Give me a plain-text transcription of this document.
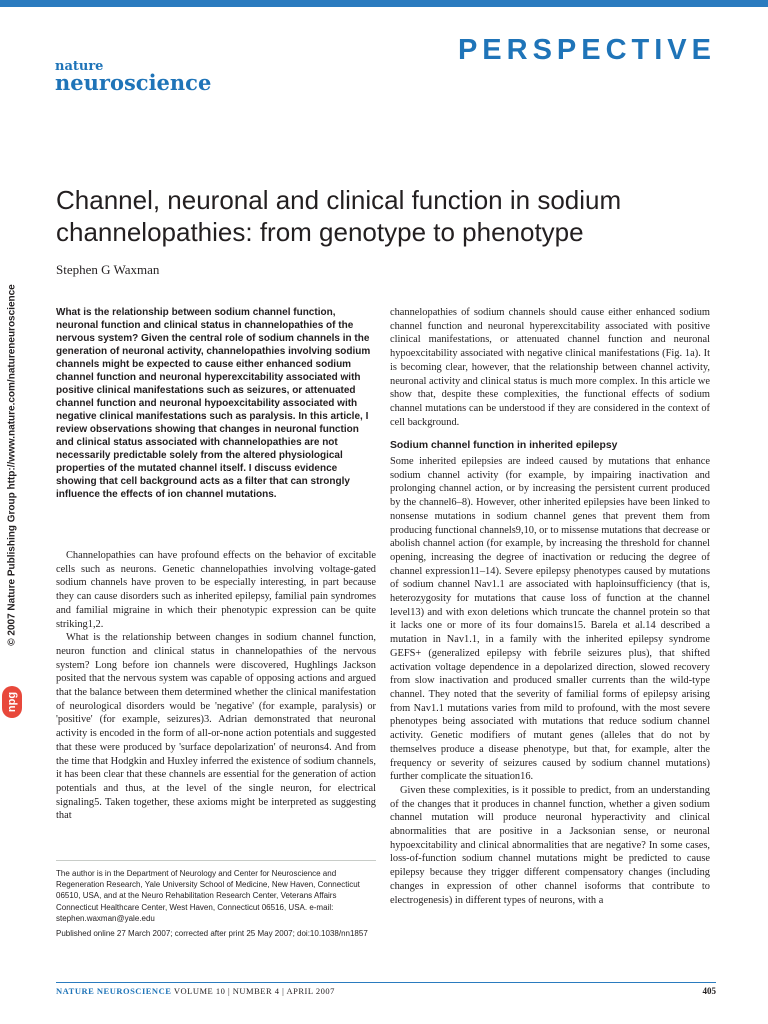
PERSPECTIVE
nature
neuroscience
Channel, neuronal and clinical function in sodium channelopathies: from genotype to phenotype

Stephen G Waxman

© 2007 Nature Publishing Group http://www.nature.com/natureneuroscience
npg

What is the relationship between sodium channel function, neuronal function and clinical status in channelopathies of the nervous system? Given the central role of sodium channels in the generation of neuronal activity, channelopathies involving sodium channels might be expected to cause either enhanced sodium channel function and neuronal hyperexcitability associated with positive clinical manifestations such as seizures, or attenuated channel function and neuronal hypoexcitability associated with negative clinical manifestations such as paralysis. In this article, I review observations showing that changes in neuronal function and clinical status associated with channelopathies are not necessarily predictable solely from the altered physiological properties of the mutated channel itself. I discuss evidence showing that cell background acts as a filter that can strongly influence the effects of ion channel mutations.

Channelopathies can have profound effects on the behavior of excitable cells such as neurons. Genetic channelopathies involving voltage-gated sodium channels have proven to be especially interesting, in part because they can cause disorders such as inherited epilepsy, familial pain syndromes and familial migraine in which their phenotypic expression can be quite striking1,2.

What is the relationship between changes in sodium channel function, neuron function and clinical status in channelopathies of the nervous system? Long before ion channels were discovered, Hughlings Jackson posited that the nervous system was capable of opposing actions and argued that the balance between them determined whether the clinical manifestation of neurological disorders would be 'negative' (for example, paralysis) or 'positive' (for example, seizures)3. Adrian demonstrated that neuronal activity is encoded in the form of all-or-none action potentials and suggested that these were produced by 'surface depolarization' of neurons4. And from the time that Hodgkin and Huxley inferred the existence of sodium channels, it has been clear that these channels are essential for the generation of action potentials and thus, at the level of the single neuron, for electrical signaling5. Taken together, these axioms might be interpreted as suggesting that

channelopathies of sodium channels should cause either enhanced sodium channel function and neuronal hyperexcitability associated with positive clinical manifestations, or attenuated channel function and neuronal hypoexcitability associated with negative clinical manifestations (Fig. 1a). It is becoming clear, however, that the relationship between channel activity, neuronal activity and clinical status is much more complex. In this article we show that, despite these complexities, the functional effects of sodium channel mutations can be understood if they are considered in the context of cell background.

Sodium channel function in inherited epilepsy

Some inherited epilepsies are indeed caused by mutations that enhance sodium channel activity (for example, by impairing inactivation and prolonging channel action, or by increasing the persistent current produced by the channel6–8). However, other inherited epilepsies have been linked to nonsense mutations in sodium channel genes that prevent them from producing functional channels9,10, or to missense mutations that decrease or abolish channel action (for example, by increasing the threshold for channel opening, increasing the degree of inactivation or reducing the degree of channel expression11–14). Severe epilepsy phenotypes caused by mutations of sodium channel Nav1.1 are associated with haploinsufficiency (that is, heterozygosity for mutations that cause loss of function at the channel level13) and with exon deletions which truncate the channel protein so that it lacks one or more of its four domains15. Barela et al.14 described a mutation in Nav1.1, in a family with the inherited epilepsy syndrome GEFS+ (generalized epilepsy with febrile seizures plus), that shifted activation voltage dependence in a depolarized direction, slowed recovery from slow inactivation and produced smaller currents than the wild-type channel. They noted that the severity of familial forms of epilepsy arising from Nav1.1 mutations varies from mild to profound, with the most severe phenotypes being associated with mutations that reduce sodium channel activity. Genetic modifiers of mutant genes (alleles that do not by themselves produce a disease phenotype, but that, for example, alter the frequency or severity of seizures caused by sodium channel mutations) further complicate the situation16.

Given these complexities, is it possible to predict, from an understanding of the changes that it produces in channel function, whether a given sodium channel mutation will produce neuronal hyperactivity and clinical abnormalities that are positive in a Jacksonian sense, or neuronal hypoexcitability and clinical abnormalities that are negative? In some cases, loss-of-function sodium channel mutations might be predicted to cause epilepsy because they trigger different compensatory changes (including changes in expression of other channel isoforms that contribute to electrogenesis) in different types of neurons, with a

The author is in the Department of Neurology and Center for Neuroscience and Regeneration Research, Yale University School of Medicine, New Haven, Connecticut 06510, USA, and at the Neuro Rehabilitation Research Center, Veterans Affairs Connecticut Healthcare Center, West Haven, Connecticut 06516, USA. e-mail: stephen.waxman@yale.edu

Published online 27 March 2007; corrected after print 25 May 2007; doi:10.1038/nn1857

NATURE NEUROSCIENCE VOLUME 10 | NUMBER 4 | APRIL 2007	405
